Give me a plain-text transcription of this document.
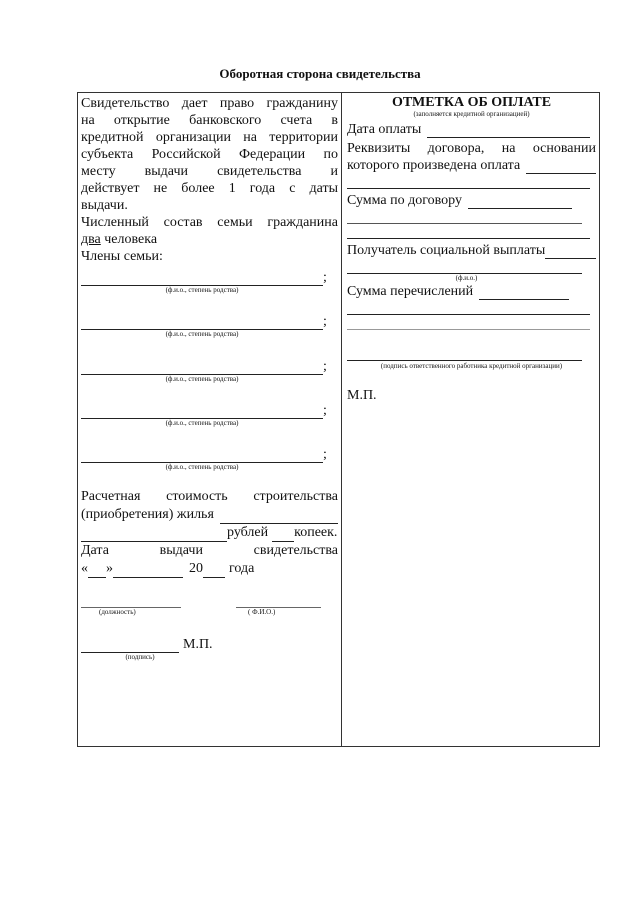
Оборотная сторона свидетельства
Свидетельство дает право гражданину
на открытие банковского счета в
кредитной организации на территории
субъекта Российской Федерации по
месту выдачи свидетельства и
действует не более 1 года с даты
выдачи.
Численный состав семьи гражданина
два человека
Члены семьи:
;
(ф.и.о., степень родства)
;
(ф.и.о., степень родства)
;
(ф.и.о., степень родства)
;
(ф.и.о., степень родства)
;
(ф.и.о., степень родства)
Расчетная стоимость строительства
(приобретения) жилья
рублей копеек.
Дата выдачи свидетельства
« »	20 года
(должность)	( Ф.И.О.)
М.П.
(подпись)
ОТМЕТКА ОБ ОПЛАТЕ
(заполняется кредитной организацией)
Дата оплаты
Реквизиты договора, на основании
которого произведена оплата
Сумма по договору
Получатель социальной выплаты
(ф.и.о.)
Сумма перечислений
(подпись ответственного работника кредитной организации)
М.П.
